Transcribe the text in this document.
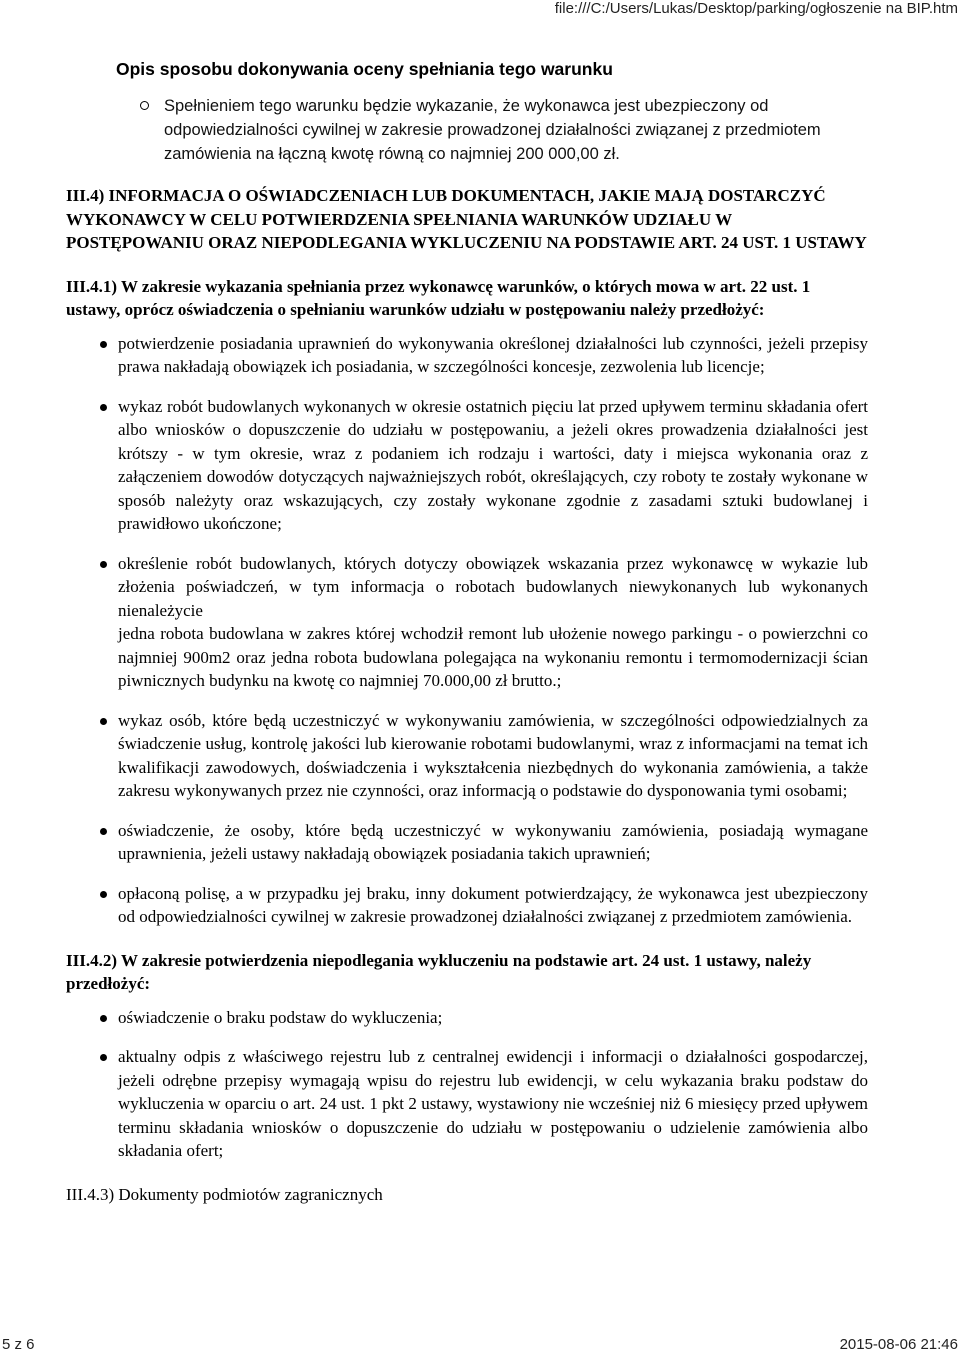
file:///C:/Users/Lukas/Desktop/parking/ogłoszenie na BIP.htm
Opis sposobu dokonywania oceny spełniania tego warunku
Spełnieniem tego warunku będzie wykazanie, że wykonawca jest ubezpieczony od odpowiedzialności cywilnej w zakresie prowadzonej działalności związanej z przedmiotem zamówienia na łączną kwotę równą co najmniej 200 000,00 zł.
III.4) INFORMACJA O OŚWIADCZENIACH LUB DOKUMENTACH, JAKIE MAJĄ DOSTARCZYĆ WYKONAWCY W CELU POTWIERDZENIA SPEŁNIANIA WARUNKÓW UDZIAŁU W POSTĘPOWANIU ORAZ NIEPODLEGANIA WYKLUCZENIU NA PODSTAWIE ART. 24 UST. 1 USTAWY
III.4.1) W zakresie wykazania spełniania przez wykonawcę warunków, o których mowa w art. 22 ust. 1 ustawy, oprócz oświadczenia o spełnianiu warunków udziału w postępowaniu należy przedłożyć:
potwierdzenie posiadania uprawnień do wykonywania określonej działalności lub czynności, jeżeli przepisy prawa nakładają obowiązek ich posiadania, w szczególności koncesje, zezwolenia lub licencje;
wykaz robót budowlanych wykonanych w okresie ostatnich pięciu lat przed upływem terminu składania ofert albo wniosków o dopuszczenie do udziału w postępowaniu, a jeżeli okres prowadzenia działalności jest krótszy - w tym okresie, wraz z podaniem ich rodzaju i wartości, daty i miejsca wykonania oraz z załączeniem dowodów dotyczących najważniejszych robót, określających, czy roboty te zostały wykonane w sposób należyty oraz wskazujących, czy zostały wykonane zgodnie z zasadami sztuki budowlanej i prawidłowo ukończone;
określenie robót budowlanych, których dotyczy obowiązek wskazania przez wykonawcę w wykazie lub złożenia poświadczeń, w tym informacja o robotach budowlanych niewykonanych lub wykonanych nienależycie
jedna robota budowlana w zakres której wchodził remont lub ułożenie nowego parkingu - o powierzchni co najmniej 900m2 oraz jedna robota budowlana polegająca na wykonaniu remontu i termomodernizacji ścian piwnicznych budynku na kwotę co najmniej 70.000,00 zł brutto.;
wykaz osób, które będą uczestniczyć w wykonywaniu zamówienia, w szczególności odpowiedzialnych za świadczenie usług, kontrolę jakości lub kierowanie robotami budowlanymi, wraz z informacjami na temat ich kwalifikacji zawodowych, doświadczenia i wykształcenia niezbędnych do wykonania zamówienia, a także zakresu wykonywanych przez nie czynności, oraz informacją o podstawie do dysponowania tymi osobami;
oświadczenie, że osoby, które będą uczestniczyć w wykonywaniu zamówienia, posiadają wymagane uprawnienia, jeżeli ustawy nakładają obowiązek posiadania takich uprawnień;
opłaconą polisę, a w przypadku jej braku, inny dokument potwierdzający, że wykonawca jest ubezpieczony od odpowiedzialności cywilnej w zakresie prowadzonej działalności związanej z przedmiotem zamówienia.
III.4.2) W zakresie potwierdzenia niepodlegania wykluczeniu na podstawie art. 24 ust. 1 ustawy, należy przedłożyć:
oświadczenie o braku podstaw do wykluczenia;
aktualny odpis z właściwego rejestru lub z centralnej ewidencji i informacji o działalności gospodarczej, jeżeli odrębne przepisy wymagają wpisu do rejestru lub ewidencji, w celu wykazania braku podstaw do wykluczenia w oparciu o art. 24 ust. 1 pkt 2 ustawy, wystawiony nie wcześniej niż 6 miesięcy przed upływem terminu składania wniosków o dopuszczenie do udziału w postępowaniu o udzielenie zamówienia albo składania ofert;
III.4.3) Dokumenty podmiotów zagranicznych
5 z 6	2015-08-06 21:46
